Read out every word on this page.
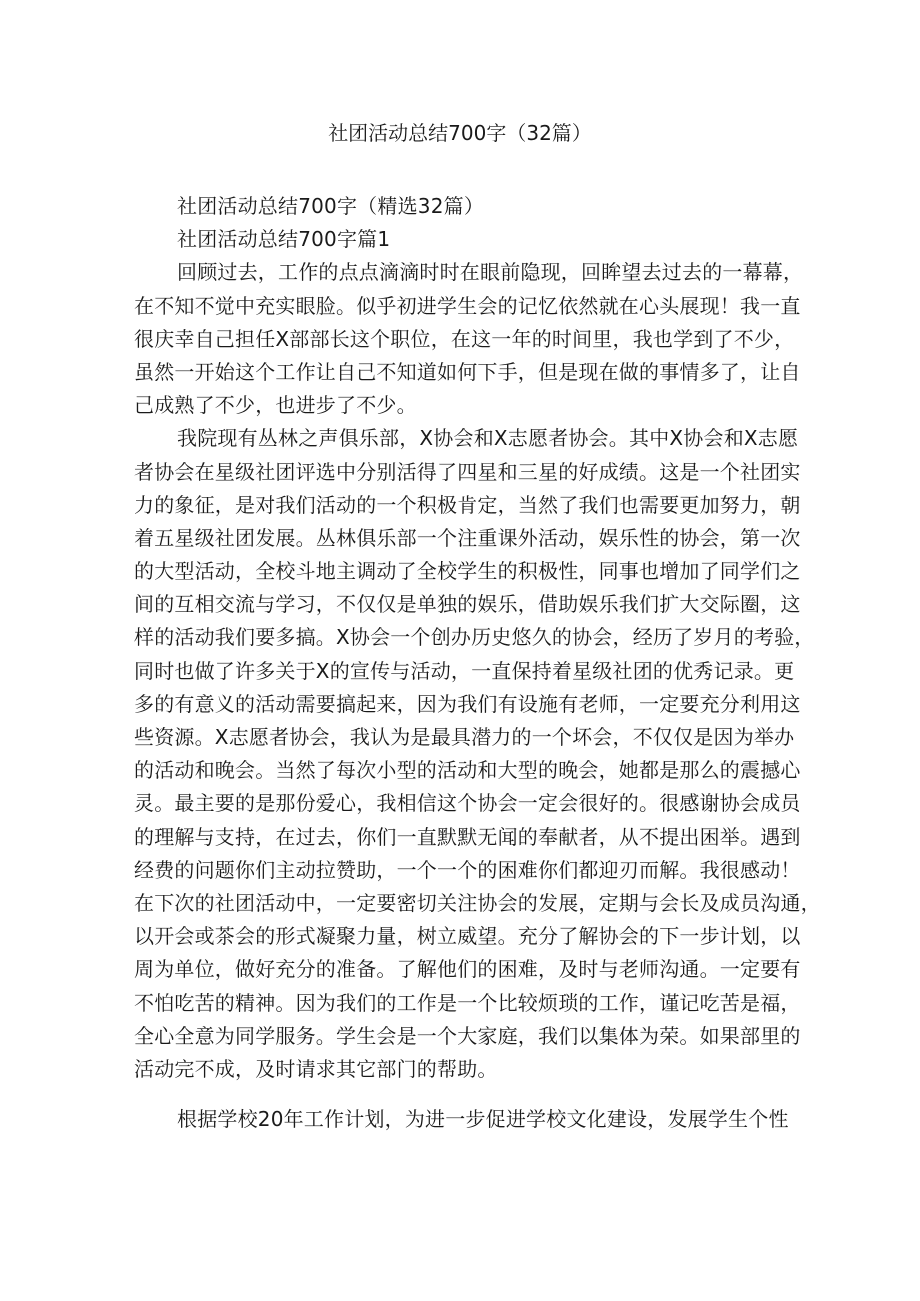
社团活动总结700字（32篇）
社团活动总结700字（精选32篇）
社团活动总结700字篇1
回顾过去，工作的点点滴滴时时在眼前隐现，回眸望去过去的一幕幕，
在不知不觉中充实眼脸。似乎初进学生会的记忆依然就在心头展现！我一直
很庆幸自己担任X部部长这个职位，在这一年的时间里，我也学到了不少，
虽然一开始这个工作让自己不知道如何下手，但是现在做的事情多了，让自
己成熟了不少，也进步了不少。
我院现有丛林之声俱乐部，X协会和X志愿者协会。其中X协会和X志愿
者协会在星级社团评选中分别活得了四星和三星的好成绩。这是一个社团实
力的象征，是对我们活动的一个积极肯定，当然了我们也需要更加努力，朝
着五星级社团发展。丛林俱乐部一个注重课外活动，娱乐性的协会，第一次
的大型活动，全校斗地主调动了全校学生的积极性，同事也增加了同学们之
间的互相交流与学习，不仅仅是单独的娱乐，借助娱乐我们扩大交际圈，这
样的活动我们要多搞。X协会一个创办历史悠久的协会，经历了岁月的考验，
同时也做了许多关于X的宣传与活动，一直保持着星级社团的优秀记录。更
多的有意义的活动需要搞起来，因为我们有设施有老师，一定要充分利用这
些资源。X志愿者协会，我认为是最具潜力的一个坏会，不仅仅是因为举办
的活动和晚会。当然了每次小型的活动和大型的晚会，她都是那么的震撼心
灵。最主要的是那份爱心，我相信这个协会一定会很好的。很感谢协会成员
的理解与支持，在过去，你们一直默默无闻的奉献者，从不提出困举。遇到
经费的问题你们主动拉赞助，一个一个的困难你们都迎刃而解。我很感动！
在下次的社团活动中，一定要密切关注协会的发展，定期与会长及成员沟通，
以开会或茶会的形式凝聚力量，树立威望。充分了解协会的下一步计划，以
周为单位，做好充分的准备。了解他们的困难，及时与老师沟通。一定要有
不怕吃苦的精神。因为我们的工作是一个比较烦琐的工作，谨记吃苦是福，
全心全意为同学服务。学生会是一个大家庭，我们以集体为荣。如果部里的
活动完不成，及时请求其它部门的帮助。
根据学校20年工作计划，为进一步促进学校文化建设，发展学生个性
